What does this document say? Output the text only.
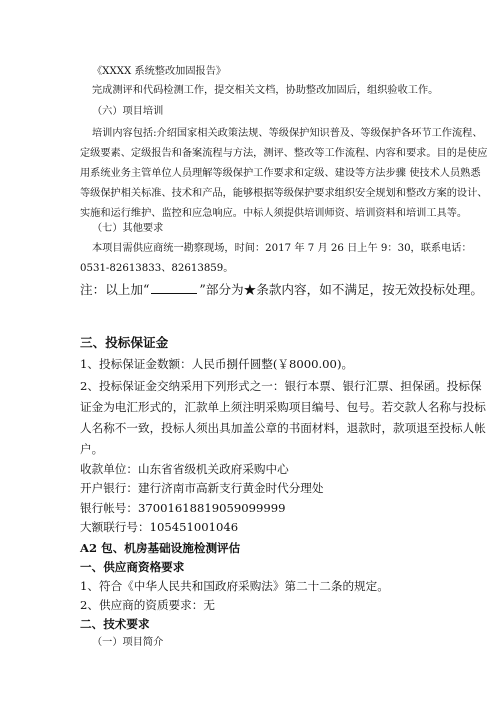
《XXXX 系统整改加固报告》
完成测评和代码检测工作，提交相关文档，协助整改加固后，组织验收工作。
（六）项目培训
培训内容包括:介绍国家相关政策法规、等级保护知识普及、等级保护各环节工作流程、
定级要素、定级报告和备案流程与方法，测评、整改等工作流程、内容和要求。目的是使应
用系统业务主管单位人员理解等级保护工作要求和定级、建设等方法步骤 使技术人员熟悉
等级保护相关标准、技术和产品，能够根据等级保护要求组织安全规划和整改方案的设计、
实施和运行维护、监控和应急响应。中标人须提供培训师资、培训资料和培训工具等。
（七）其他要求
本项目需供应商统一勘察现场，时间：2017 年 7 月 26 日上午 9：30，联系电话：
0531-82613833、82613859。
注：以上加“	”部分为★条款内容，如不满足，按无效投标处理。
三、投标保证金
1、投标保证金数额：人民币捌仟圆整(￥8000.00)。
2、投标保证金交纳采用下列形式之一：银行本票、银行汇票、担保函。投标保
证金为电汇形式的，汇款单上须注明采购项目编号、包号。若交款人名称与投标
人名称不一致，投标人须出具加盖公章的书面材料，退款时，款项退至投标人帐
户。
收款单位：山东省省级机关政府采购中心
开户银行：建行济南市高新支行黄金时代分理处
银行帐号：37001618819059099999
大额联行号：105451001046
A2 包、机房基础设施检测评估
一、供应商资格要求
1、符合《中华人民共和国政府采购法》第二十二条的规定。
2、供应商的资质要求：无
二、技术要求
（一）项目简介
